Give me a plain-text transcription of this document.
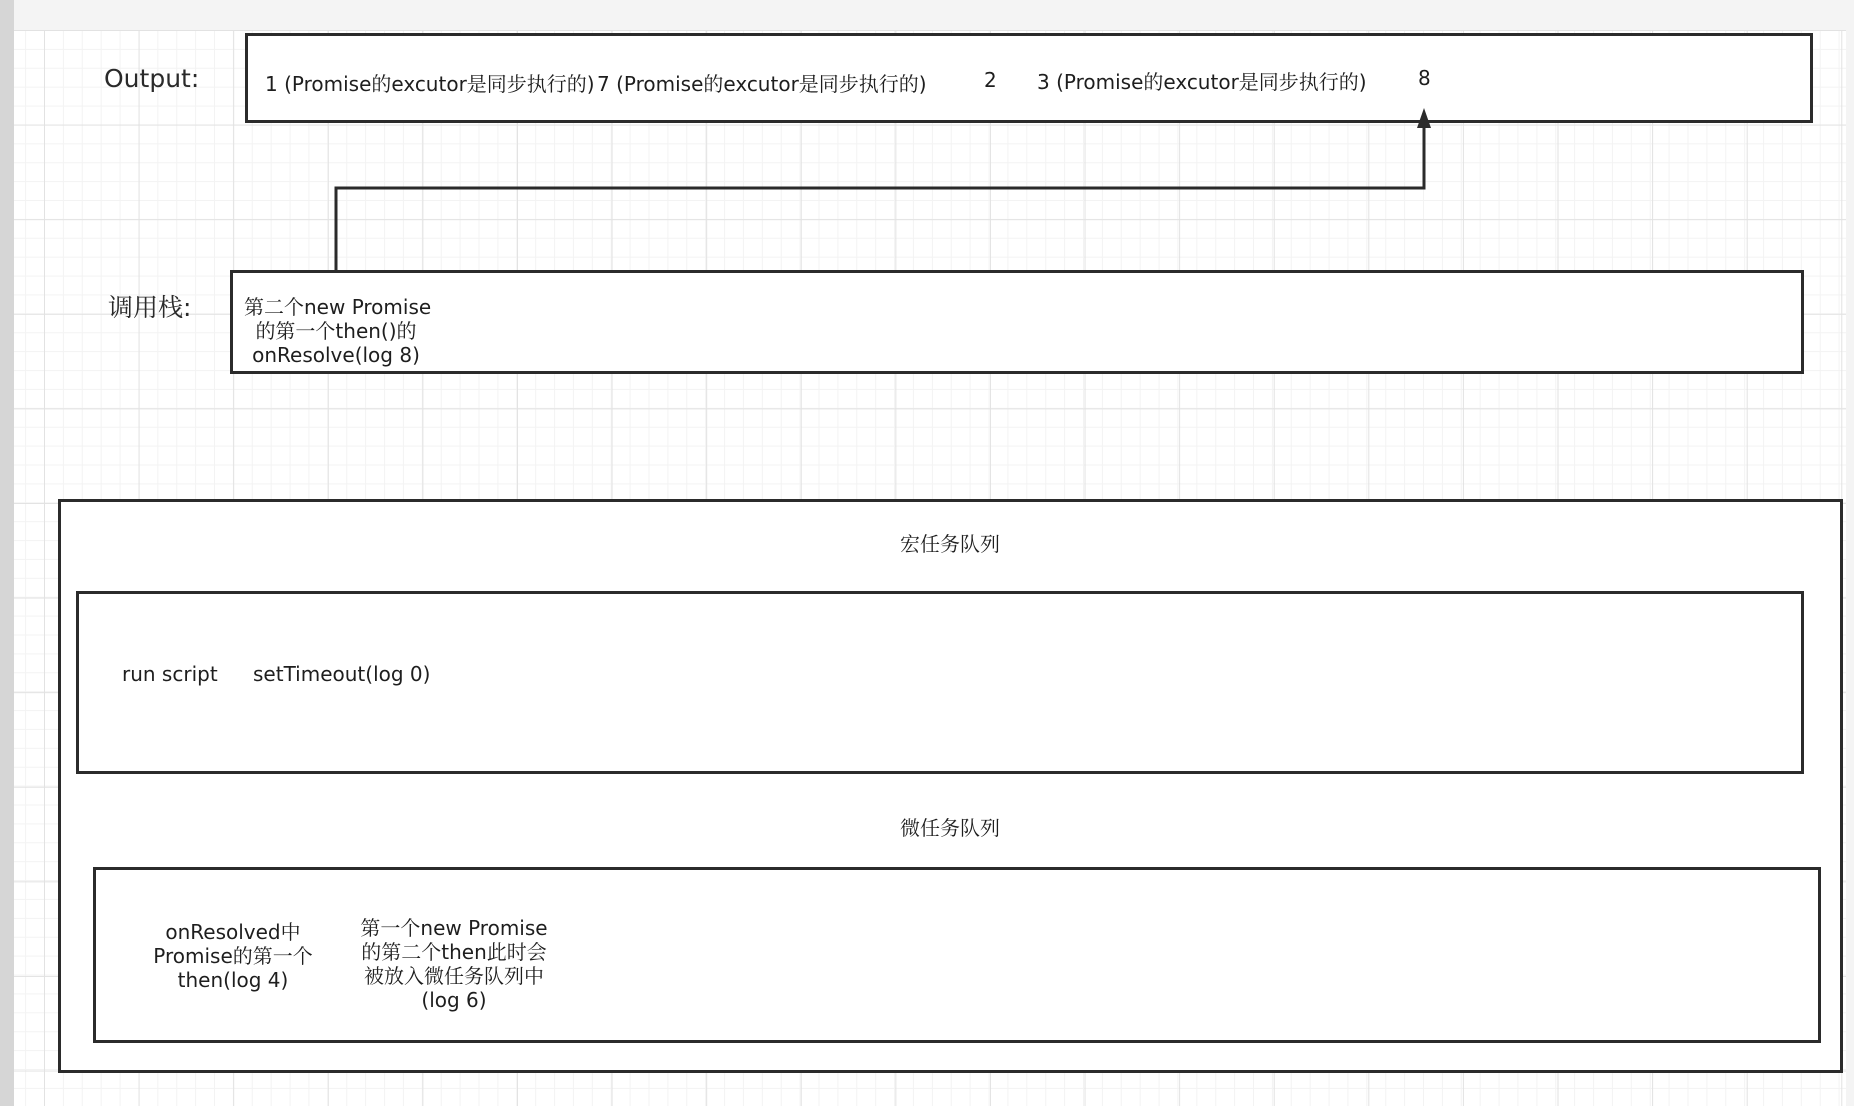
Output:	1 (Promise的excutor是同步执行的) 7 (Promise的excutor是同步执行的)	2 3 (Promise的excutor是同步执行的)	8
调用栈:	第二个new Promise
的第一个then()的
onResolve(log 8)
宏任务队列
run script setTimeout(log 0)
微任务队列
onResolved中
Promise的第一个
then(log 4)
第一个new Promise
的第二个then此时会
被放入微任务队列中
(log 6)
